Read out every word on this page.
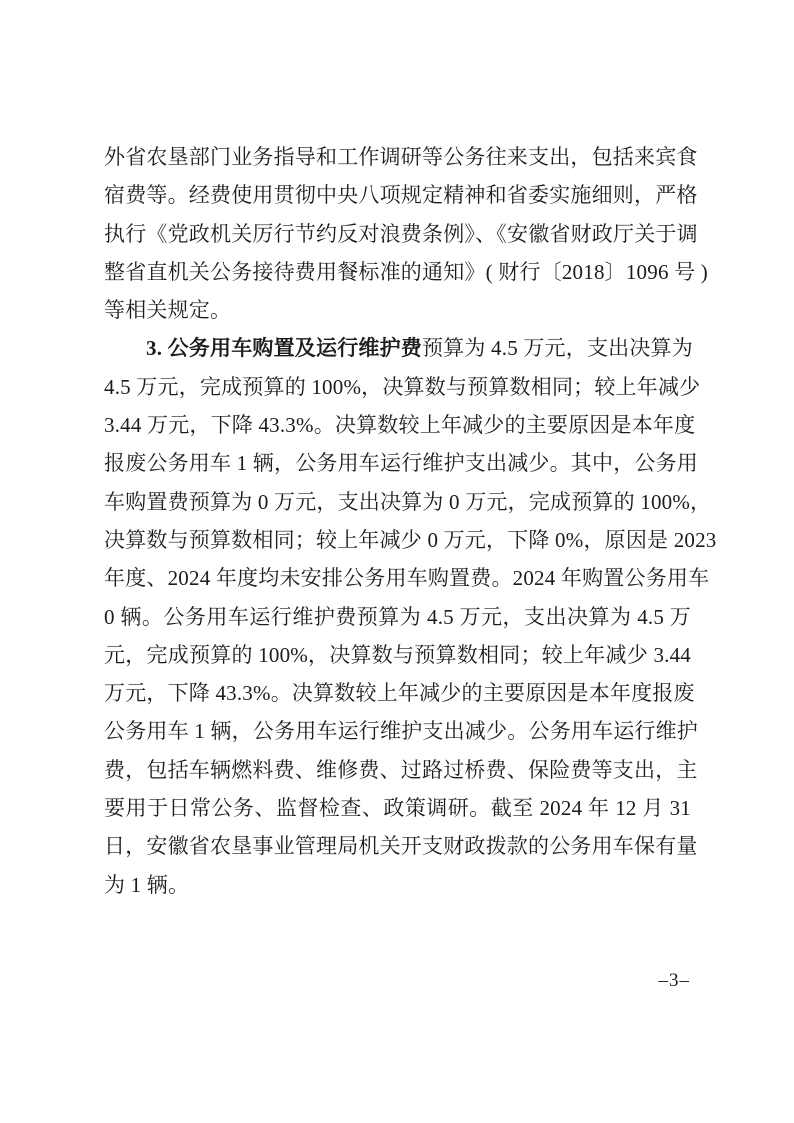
外省农垦部门业务指导和工作调研等公务往来支出，包括来宾食
宿费等。经费使用贯彻中央八项规定精神和省委实施细则，严格
执行《党政机关厉行节约反对浪费条例》、《安徽省财政厅关于调
整省直机关公务接待费用餐标准的通知》( 财行〔2018〕1096 号 )
等相关规定。
3. 公务用车购置及运行维护费预算为 4.5 万元，支出决算为
4.5 万元，完成预算的 100%，决算数与预算数相同；较上年减少
3.44 万元，下降 43.3%。决算数较上年减少的主要原因是本年度
报废公务用车 1 辆，公务用车运行维护支出减少。其中，公务用
车购置费预算为 0 万元，支出决算为 0 万元，完成预算的 100%，
决算数与预算数相同；较上年减少 0 万元，下降 0%，原因是 2023
年度、2024 年度均未安排公务用车购置费。2024 年购置公务用车
0 辆。公务用车运行维护费预算为 4.5 万元，支出决算为 4.5 万
元，完成预算的 100%，决算数与预算数相同；较上年减少 3.44
万元，下降 43.3%。决算数较上年减少的主要原因是本年度报废
公务用车 1 辆，公务用车运行维护支出减少。公务用车运行维护
费，包括车辆燃料费、维修费、过路过桥费、保险费等支出，主
要用于日常公务、监督检查、政策调研。截至 2024 年 12 月 31
日，安徽省农垦事业管理局机关开支财政拨款的公务用车保有量
为 1 辆。
–3–
